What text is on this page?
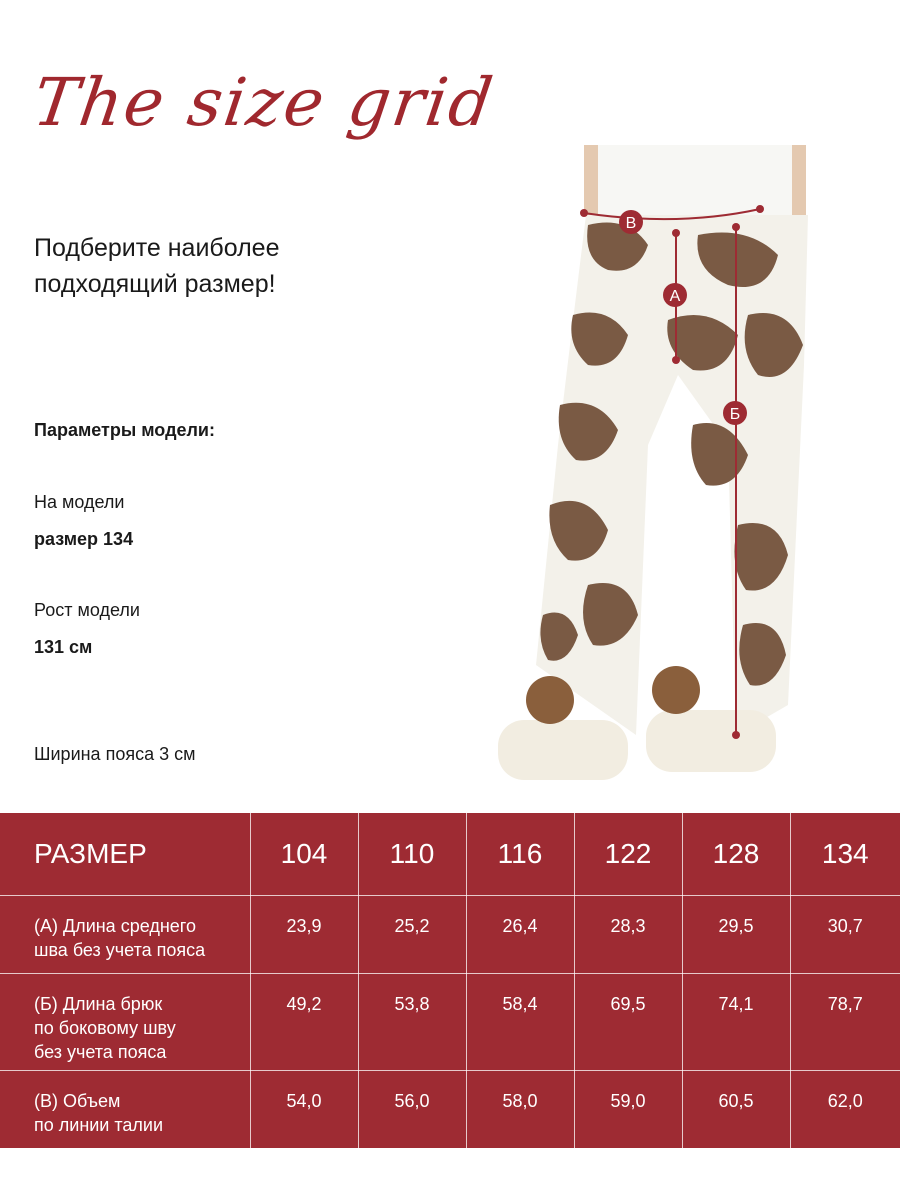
The size grid
Подберите наиболее
подходящий размер!
Параметры модели:
На модели
размер 134
Рост модели
131 см
Ширина пояса 3 см
В
А
Б
РАЗМЕР	104	110	116	122	128	134

(А) Длина среднего
шва без учета пояса	23,9	25,2	26,4	28,3	29,5	30,7

(Б) Длина брюк
по боковому шву
без учета пояса	49,2	53,8	58,4	69,5	74,1	78,7

(В) Объем
по линии талии	54,0	56,0	58,0	59,0	60,5	62,0
